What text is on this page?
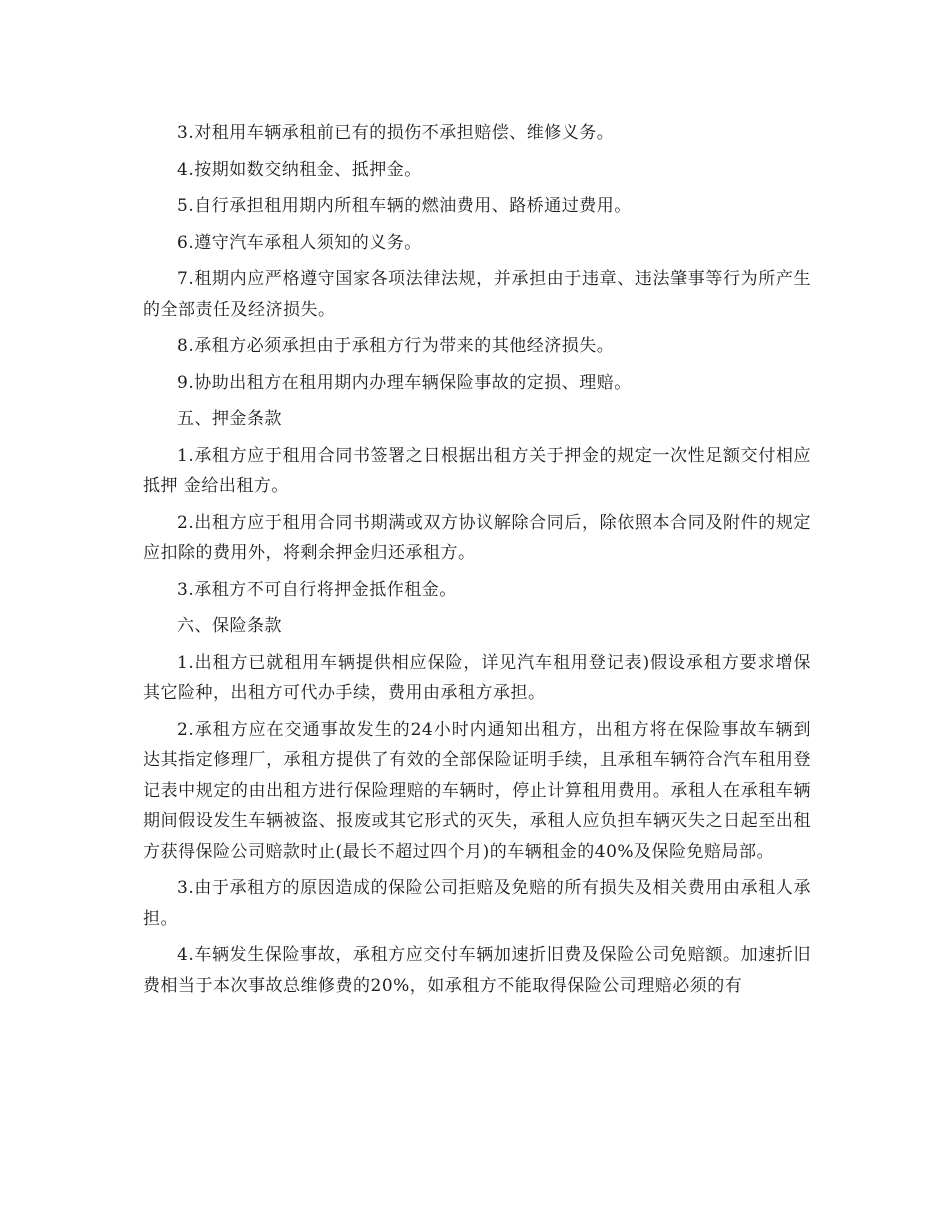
3.对租用车辆承租前已有的损伤不承担赔偿、维修义务。

4.按期如数交纳租金、抵押金。

5.自行承担租用期内所租车辆的燃油费用、路桥通过费用。

6.遵守汽车承租人须知的义务。

7.租期内应严格遵守国家各项法律法规，并承担由于违章、违法肇事等行为所产生的全部责任及经济损失。

8.承租方必须承担由于承租方行为带来的其他经济损失。

9.协助出租方在租用期内办理车辆保险事故的定损、理赔。

五、押金条款

1.承租方应于租用合同书签署之日根据出租方关于押金的规定一次性足额交付相应抵押 金给出租方。

2.出租方应于租用合同书期满或双方协议解除合同后，除依照本合同及附件的规定应扣除的费用外，将剩余押金归还承租方。

3.承租方不可自行将押金抵作租金。

六、保险条款

1.出租方已就租用车辆提供相应保险，详见汽车租用登记表)假设承租方要求增保其它险种，出租方可代办手续，费用由承租方承担。

2.承租方应在交通事故发生的24小时内通知出租方，出租方将在保险事故车辆到达其指定修理厂，承租方提供了有效的全部保险证明手续，且承租车辆符合汽车租用登记表中规定的由出租方进行保险理赔的车辆时，停止计算租用费用。承租人在承租车辆期间假设发生车辆被盗、报废或其它形式的灭失，承租人应负担车辆灭失之日起至出租方获得保险公司赔款时止(最长不超过四个月)的车辆租金的40%及保险免赔局部。

3.由于承租方的原因造成的保险公司拒赔及免赔的所有损失及相关费用由承租人承担。

4.车辆发生保险事故，承租方应交付车辆加速折旧费及保险公司免赔额。加速折旧费相当于本次事故总维修费的20%，如承租方不能取得保险公司理赔必须的有
